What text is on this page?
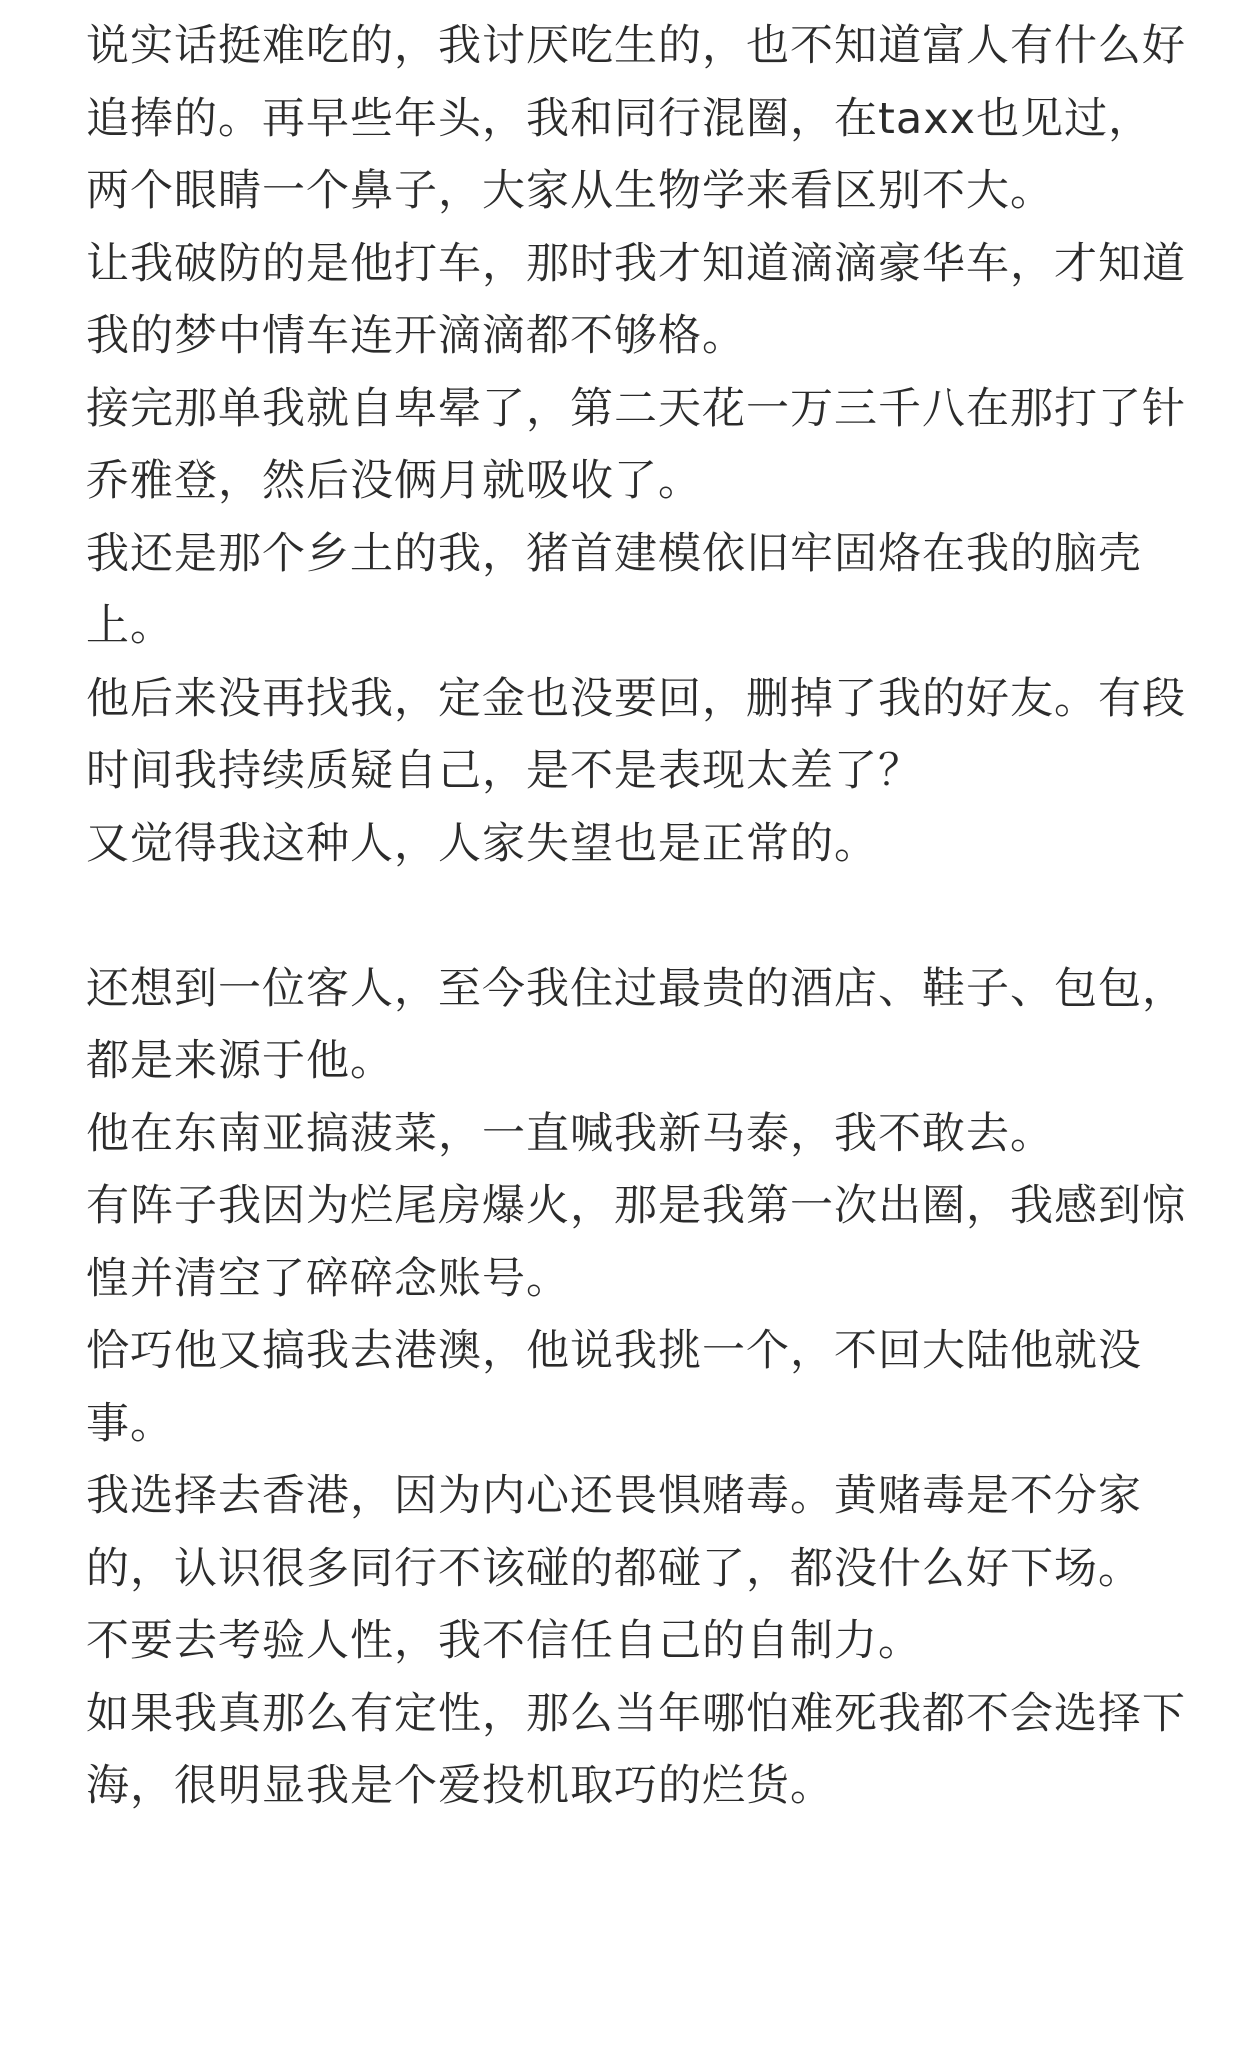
说实话挺难吃的，我讨厌吃生的，也不知道富人有什么好追捧的。再早些年头，我和同行混圈，在taxx也见过，两个眼睛一个鼻子，大家从生物学来看区别不大。

让我破防的是他打车，那时我才知道滴滴豪华车，才知道我的梦中情车连开滴滴都不够格。

接完那单我就自卑晕了，第二天花一万三千八在那打了针乔雅登，然后没俩月就吸收了。

我还是那个乡土的我，猪首建模依旧牢固烙在我的脑壳上。

他后来没再找我，定金也没要回，删掉了我的好友。有段时间我持续质疑自己，是不是表现太差了？

又觉得我这种人，人家失望也是正常的。

还想到一位客人，至今我住过最贵的酒店、鞋子、包包，都是来源于他。

他在东南亚搞菠菜，一直喊我新马泰，我不敢去。

有阵子我因为烂尾房爆火，那是我第一次出圈，我感到惊惶并清空了碎碎念账号。

恰巧他又搞我去港澳，他说我挑一个，不回大陆他就没事。

我选择去香港，因为内心还畏惧赌毒。黄赌毒是不分家的，认识很多同行不该碰的都碰了，都没什么好下场。

不要去考验人性，我不信任自己的自制力。

如果我真那么有定性，那么当年哪怕难死我都不会选择下海，很明显我是个爱投机取巧的烂货。
